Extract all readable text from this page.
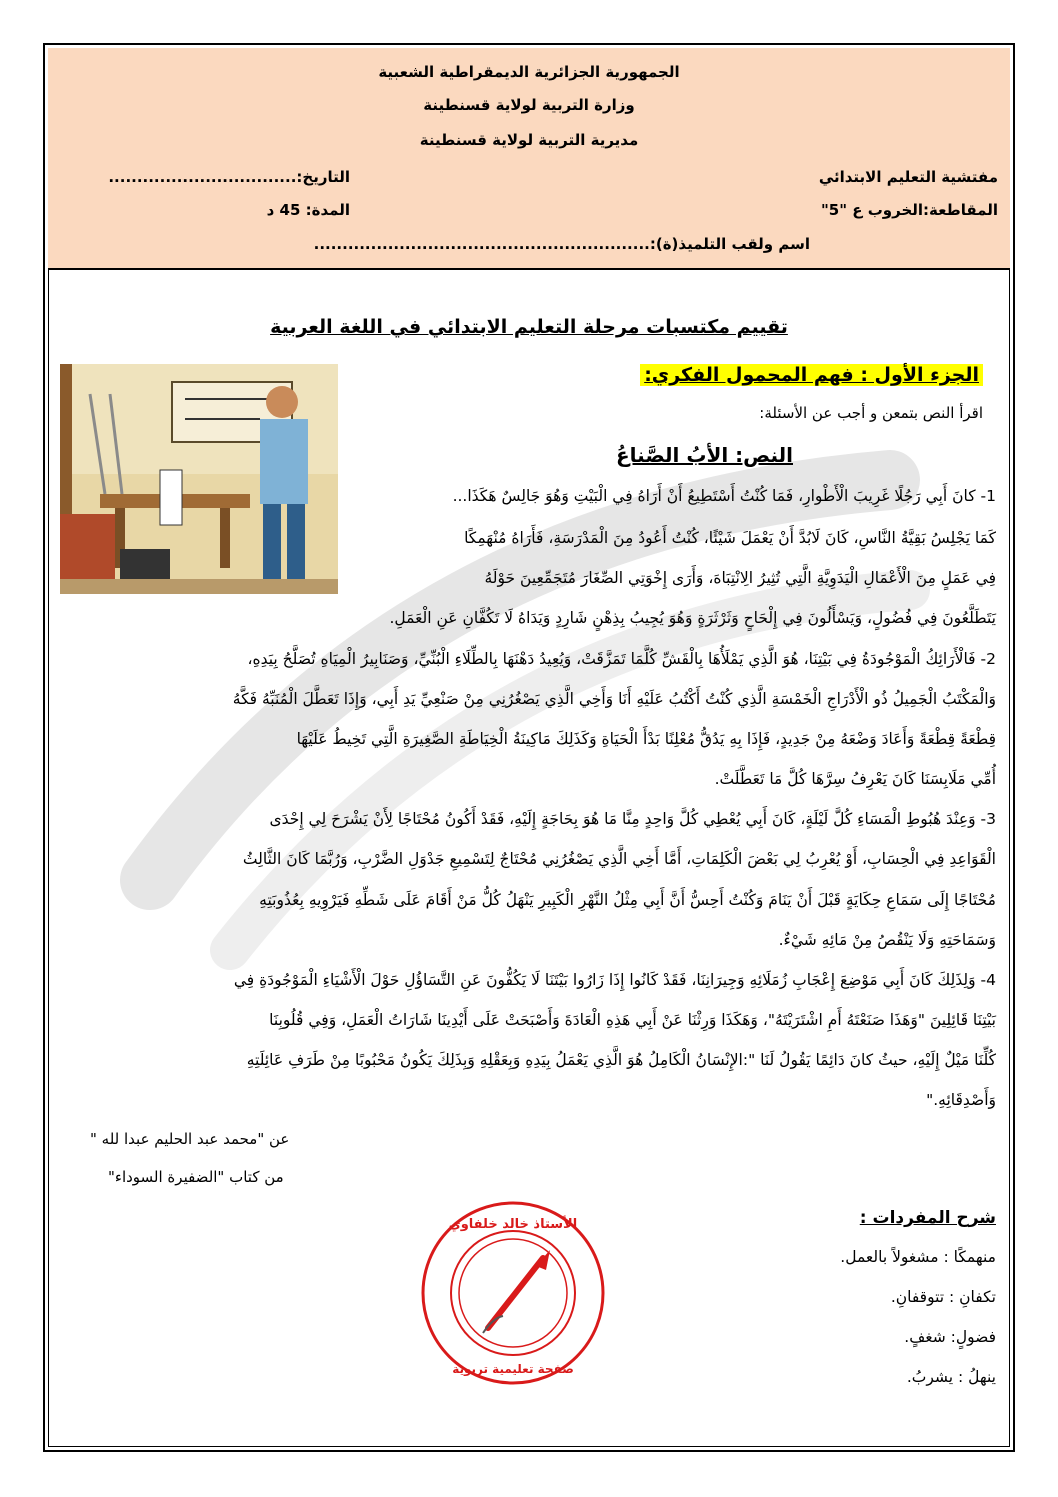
الجمهورية الجزائرية الديمقراطية الشعبية
وزارة التربية لولاية قسنطينة
مديرية التربية لولاية قسنطينة
مفتشية التعليم الابتدائي
التاريخ:.................................
المقاطعة:الخروب ع "5"
المدة: 45 د
اسم ولقب التلميذ(ة):...........................................................
تقييم مكتسبات مرحلة التعليم الابتدائي في اللغة العربية
الجزء الأول : فهم المحمول الفكري:
اقرأ النص بتمعن و أجب عن الأسئلة:
النص: الأبُ الصَّناعُ
1- كانَ أَبِي رَجُلًا غَرِيبَ الْأَطْوارِ، فَمَا كُنْتُ أَسْتَطِيعُ أَنْ أَرَاهُ فِي الْبَيْتِ وَهُوَ جَالِسٌ هَكَذَا...
كَمَا يَجْلِسُ بَقِيَّةُ النَّاسِ، كَانَ لَابُدَّ أَنْ يَعْمَلَ شَيْئًا، كُنْتُ أَعُودُ مِنَ الْمَدْرَسَةِ، فَأَرَاهُ مُنْهَمِكًا
فِي عَمَلٍ مِنَ الْأَعْمَالِ الْيَدَوِيَّةِ الَّتِي تُثِيرُ الِانْتِبَاهَ، وَأَرَى إِخْوَتِي الصِّغَارَ مُتَجَمِّعِينَ حَوْلَهُ
يَتَطَلَّعُونَ فِي فُضُولٍ، وَيَسْأَلُونَ فِي إِلْحَاحٍ وَثَرْثَرَةٍ وَهُوَ يُجِيبُ بِذِهْنٍ شَارِدٍ وَيَدَاهُ لَا تَكُفَّانِ عَنِ الْعَمَلِ.
2- فَالْأَرَائِكُ الْمَوْجُودَةُ فِي بَيْتِنَا، هُوَ الَّذِي يَمْلَأُهَا بِالْقَشِّ كُلَّمَا تَمَزَّقَتْ، وَيُعِيدُ دَهْنَهَا بِالطِّلَاءِ الْبُنِّيِّ، وَصَنَابِيرُ الْمِيَاهِ تُصَلَّحُ بِيَدِهِ،
وَالْمَكْتَبُ الْجَمِيلُ ذُو الْأَدْرَاجِ الْخَمْسَةِ الَّذِي كُنْتُ أَكْتُبُ عَلَيْهِ أَنَا وَأَخِي الَّذِي يَصْغُرُنِي مِنْ صَنْعِيِّ يَدِ أَبِي، وَإِذَا تَعَطَّلَ الْمُنَبِّهُ فَكَّهُ
قِطْعَةً قِطْعَةً وَأَعَادَ وَضْعَهُ مِنْ جَدِيدٍ، فَإِذَا بِهِ يَدُقُّ مُعْلِنًا بَدْأَ الْحَيَاةِ وَكَذَلِكَ مَاكِينَةُ الْخِيَاطَةِ الصَّغِيرَةِ الَّتِي تَخِيطُ عَلَيْهَا
أُمِّي مَلَابِسَنَا كَانَ يَعْرِفُ سِرَّهَا كُلَّ مَا تَعَطَّلَتْ.
3- وَعِنْدَ هُبُوطِ الْمَسَاءِ كُلَّ لَيْلَةٍ، كَانَ أَبِي يُعْطِي كُلَّ وَاحِدٍ مِنَّا مَا هُوَ بِحَاجَةٍ إِلَيْهِ، فَقَدْ أَكُونُ مُحْتَاجًا لِأَنْ يَشْرَحَ لِي إِحْدَى
الْقَوَاعِدِ فِي الْحِسَابِ، أَوْ يُعْرِبُ لِي بَعْضَ الْكَلِمَاتِ، أَمَّا أَخِي الَّذِي يَصْغُرُنِي مُحْتَاجٌ لِتَسْمِيعِ جَدْوَلِ الضَّرْبِ، وَرُبَّمَا كَانَ الثَّالِثُ
مُحْتَاجًا إِلَى سَمَاعِ حِكَايَةٍ قَبْلَ أَنْ يَنَامَ وَكُنْتُ أَحِسُّ أَنَّ أَبِي مِثْلُ النَّهْرِ الْكَبِيرِ يَنْهَلُ كُلُّ مَنْ أَقَامَ عَلَى شَطِّهِ فَيَرْوِيهِ بِعُذُوبَتِهِ
وَسَمَاحَتِهِ وَلَا يَنْقُصُ مِنْ مَائِهِ شَيْءٌ.
4- وَلِذَلِكَ كَانَ أَبِي مَوْضِعَ إِعْجَابِ زُمَلَائِهِ وَجِيرَانِنَا، فَقَدْ كَانُوا إِذَا زَارُوا بَيْتَنَا لَا يَكُفُّونَ عَنِ التَّسَاؤُلِ حَوْلَ الْأَشْيَاءِ الْمَوْجُودَةِ فِي
بَيْتِنَا قَائِلِينَ "وَهَذَا صَنَعْتَهُ أَمِ اشْتَرَيْتَهُ"، وَهَكَذَا وَرِثْنَا عَنْ أَبِي هَذِهِ الْعَادَةَ وَأَصْبَحَتْ عَلَى أَيْدِينَا شَارَاتُ الْعَمَلِ، وَفِي قُلُوبِنَا
كُلِّنَا مَيْلٌ إِلَيْهِ، حيثُ كانَ دَائِمًا يَقُولُ لَنَا ":الإِنْسَانُ الْكَامِلُ هُوَ الَّذِي يَعْمَلُ بِيَدِهِ وَبِعَقْلِهِ وَبِذَلِكَ يَكُونُ مَحْبُوبًا مِنْ طَرَفِ عَائِلَتِهِ
وَأَصْدِقَائِهِ."
عن "محمد عبد الحليم عبدا لله "
من كتاب "الضفيرة السوداء"
شرح المفردات :
منهمكًا : مشغولاً بالعمل.
تكفانِ : تتوقفانِ.
فضولٍ: شغفٍ.
ينهلُ : يشربُ.
الأستاذ خالد خلفاوي
صفحة تعليمية تربوية
